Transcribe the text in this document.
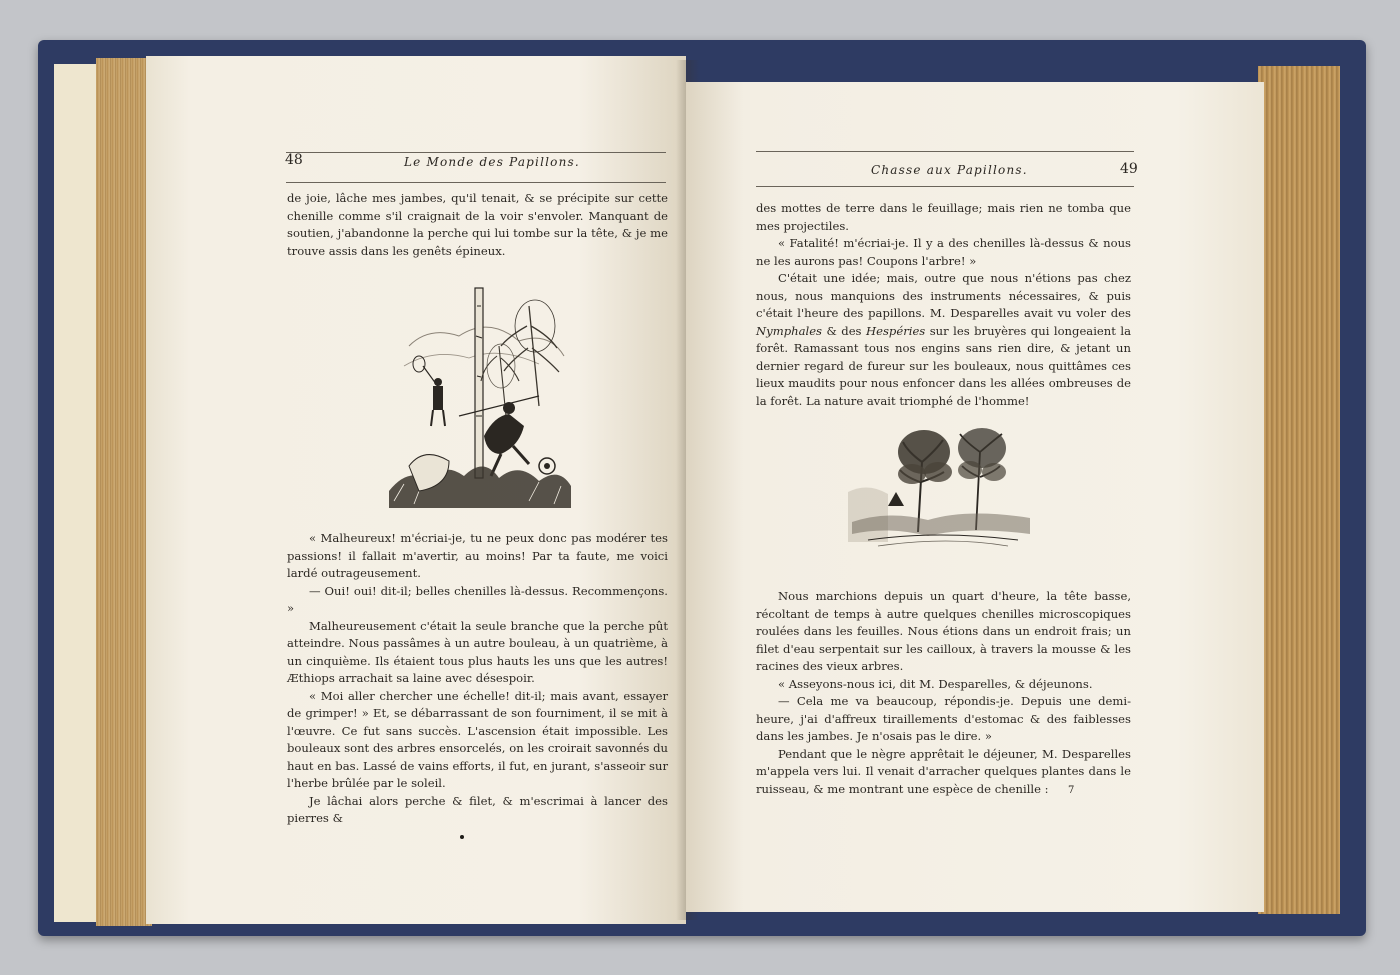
48	Le Monde des Papillons.

de joie, lâche mes jambes, qu'il tenait, & se précipite sur cette chenille comme s'il craignait de la voir s'envoler. Manquant de soutien, j'abandonne la perche qui lui tombe sur la tête, & je me trouve assis dans les genêts épineux.

« Malheureux! m'écriai-je, tu ne peux donc pas modérer tes passions! il fallait m'avertir, au moins! Par ta faute, me voici lardé outrageusement.

— Oui! oui! dit-il; belles chenilles là-dessus. Recommençons. »

Malheureusement c'était la seule branche que la perche pût atteindre. Nous passâmes à un autre bouleau, à un quatrième, à un cinquième. Ils étaient tous plus hauts les uns que les autres! Æthiops arrachait sa laine avec désespoir.

« Moi aller chercher une échelle! dit-il; mais avant, essayer de grimper! » Et, se débarrassant de son fourniment, il se mit à l'œuvre. Ce fut sans succès. L'ascension était impossible. Les bouleaux sont des arbres ensorcelés, on les croirait savonnés du haut en bas. Lassé de vains efforts, il fut, en jurant, s'asseoir sur l'herbe brûlée par le soleil.

Je lâchai alors perche & filet, & m'escrimai à lancer des pierres &

Chasse aux Papillons.	49

des mottes de terre dans le feuillage; mais rien ne tomba que mes projectiles.

« Fatalité! m'écriai-je. Il y a des chenilles là-dessus & nous ne les aurons pas! Coupons l'arbre! »

C'était une idée; mais, outre que nous n'étions pas chez nous, nous manquions des instruments nécessaires, & puis c'était l'heure des papillons. M. Desparelles avait vu voler des Nymphales & des Hespéries sur les bruyères qui longeaient la forêt. Ramassant tous nos engins sans rien dire, & jetant un dernier regard de fureur sur les bouleaux, nous quittâmes ces lieux maudits pour nous enfoncer dans les allées ombreuses de la forêt. La nature avait triomphé de l'homme!

Nous marchions depuis un quart d'heure, la tête basse, récoltant de temps à autre quelques chenilles microscopiques roulées dans les feuilles. Nous étions dans un endroit frais; un filet d'eau serpentait sur les cailloux, à travers la mousse & les racines des vieux arbres.

« Asseyons-nous ici, dit M. Desparelles, & déjeunons.

— Cela me va beaucoup, répondis-je. Depuis une demi-heure, j'ai d'affreux tiraillements d'estomac & des faiblesses dans les jambes. Je n'osais pas le dire. »

Pendant que le nègre apprêtait le déjeuner, M. Desparelles m'appela vers lui. Il venait d'arracher quelques plantes dans le ruisseau, & me montrant une espèce de chenille :	7
